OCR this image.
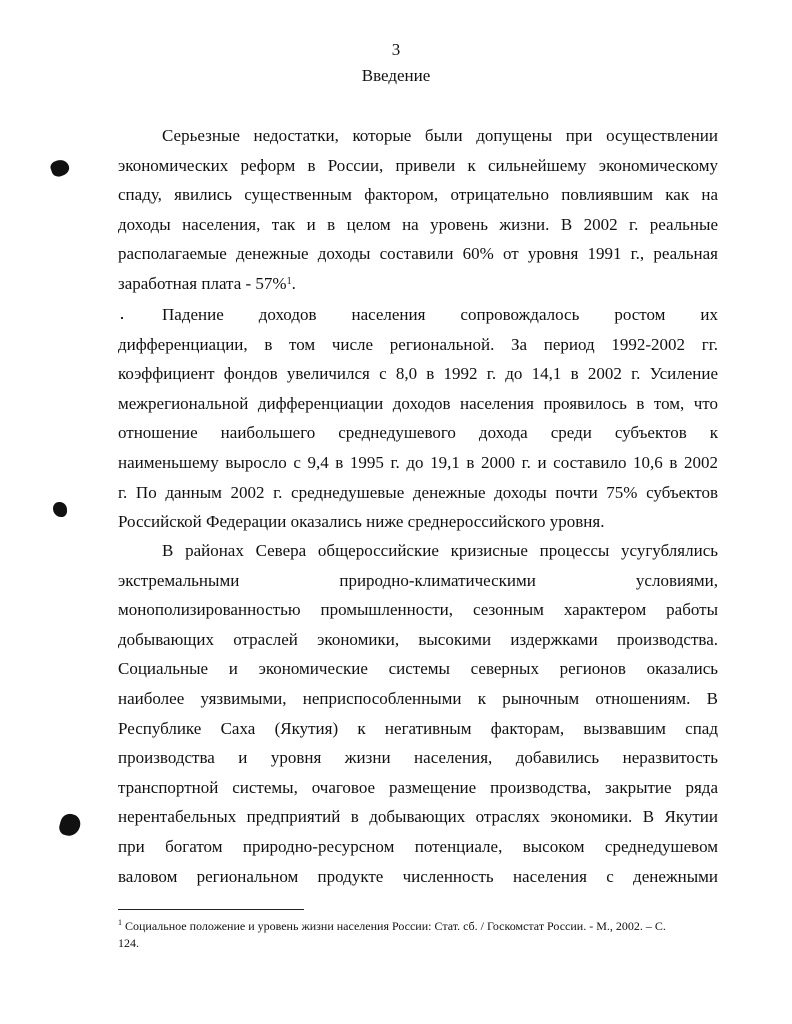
3
Введение
Серьезные недостатки, которые были допущены при осуществлении
экономических реформ в России, привели к сильнейшему экономическому
спаду, явились существенным фактором, отрицательно повлиявшим как на
доходы населения, так и в целом на уровень жизни. В 2002 г. реальные
располагаемые денежные доходы составили 60% от уровня 1991 г., реальная
заработная плата - 57%$^1$.
Падение доходов населения сопровождалось ростом их
дифференциации, в том числе региональной. За период 1992-2002 гг.
коэффициент фондов увеличился с 8,0 в 1992 г. до 14,1 в 2002 г. Усиление
межрегиональной дифференциации доходов населения проявилось в том, что
отношение наибольшего среднедушевого дохода среди субъектов к
наименьшему выросло с 9,4 в 1995 г. до 19,1 в 2000 г. и составило 10,6 в 2002
г. По данным 2002 г. среднедушевые денежные доходы почти 75% субъектов
Российской Федерации оказались ниже среднероссийского уровня.
В районах Севера общероссийские кризисные процессы усугублялись
экстремальными природно-климатическими условиями,
монополизированностью промышленности, сезонным характером работы
добывающих отраслей экономики, высокими издержками производства.
Социальные и экономические системы северных регионов оказались
наиболее уязвимыми, неприспособленными к рыночным отношениям. В
Республике Саха (Якутия) к негативным факторам, вызвавшим спад
производства и уровня жизни населения, добавились неразвитость
транспортной системы, очаговое размещение производства, закрытие ряда
нерентабельных предприятий в добывающих отраслях экономики. В Якутии
при богатом природно-ресурсном потенциале, высоком среднедушевом
валовом региональном продукте численность населения с денежными
$^1$ Социальное положение и уровень жизни населения России: Стат. сб. / Госкомстат России. - М., 2002. – С.
124.
